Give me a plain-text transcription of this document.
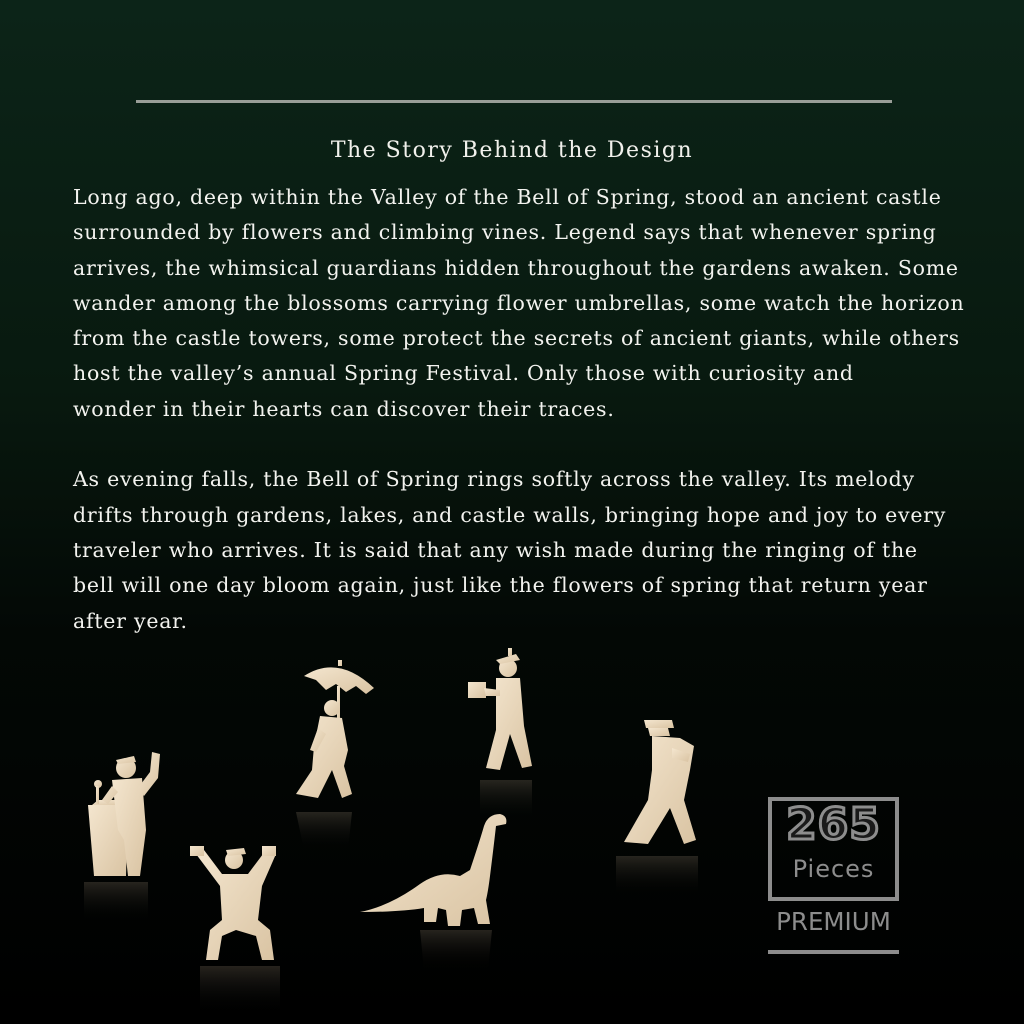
The Story Behind the Design
Long ago, deep within the Valley of the Bell of Spring, stood an ancient castle
surrounded by flowers and climbing vines. Legend says that whenever spring
arrives, the whimsical guardians hidden throughout the gardens awaken. Some
wander among the blossoms carrying flower umbrellas, some watch the horizon
from the castle towers, some protect the secrets of ancient giants, while others
host the valley’s annual Spring Festival. Only those with curiosity and
wonder in their hearts can discover their traces.
As evening falls, the Bell of Spring rings softly across the valley. Its melody
drifts through gardens, lakes, and castle walls, bringing hope and joy to every
traveler who arrives. It is said that any wish made during the ringing of the
bell will one day bloom again, just like the flowers of spring that return year
after year.
265
Pieces
PREMIUM
